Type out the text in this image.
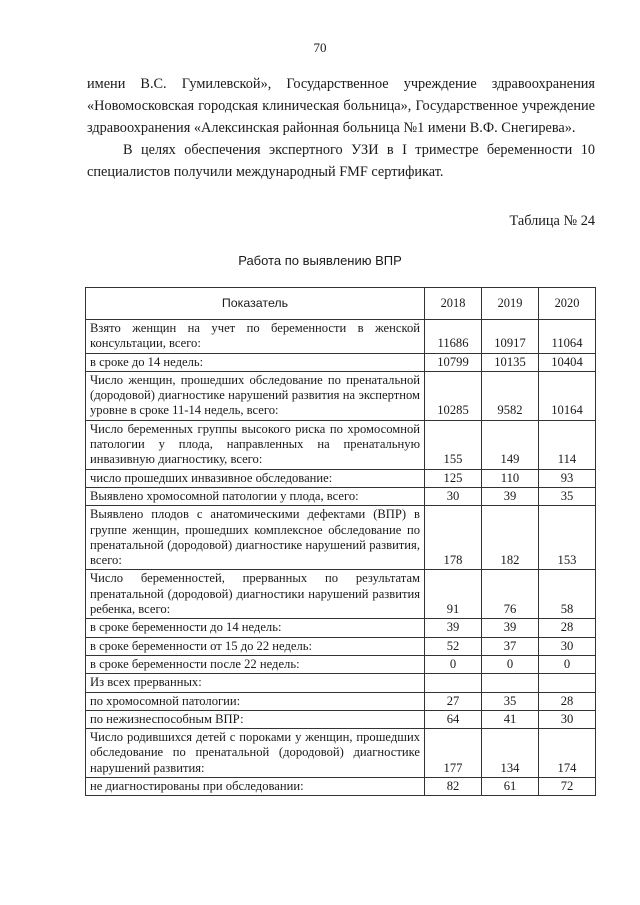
70

имени В.С. Гумилевской», Государственное учреждение здравоохранения «Новомосковская городская клиническая больница», Государственное учреждение здравоохранения «Алексинская районная больница №1 имени В.Ф. Снегирева».

В целях обеспечения экспертного УЗИ в I триместре беременности 10 специалистов получили международный FMF сертификат.

Таблица № 24
Работа по выявлению ВПР
Показатель	2018	2019	2020
Взято женщин на учет по беременности в женской консультации, всего:	11686	10917	11064
в сроке до 14 недель:	10799	10135	10404
Число женщин, прошедших обследование по пренатальной (дородовой) диагностике нарушений развития на экспертном уровне в сроке 11-14 недель, всего:	10285	9582	10164
Число беременных группы высокого риска по хромосомной патологии у плода, направленных на пренатальную инвазивную диагностику, всего:	155	149	114
число прошедших инвазивное обследование:	125	110	93
Выявлено хромосомной патологии у плода, всего:	30	39	35
Выявлено плодов с анатомическими дефектами (ВПР) в группе женщин, прошедших комплексное обследование по пренатальной (дородовой) диагностике нарушений развития, всего:	178	182	153
Число беременностей, прерванных по результатам пренатальной (дородовой) диагностики нарушений развития ребенка, всего:	91	76	58
в сроке беременности до 14 недель:	39	39	28
в сроке беременности от 15 до 22 недель:	52	37	30
в сроке беременности после 22 недель:	0	0	0
Из всех прерванных:			
по хромосомной патологии:	27	35	28
по нежизнеспособным ВПР:	64	41	30
Число родившихся детей с пороками у женщин, прошедших обследование по пренатальной (дородовой) диагностике нарушений развития:	177	134	174
не диагностированы при обследовании:	82	61	72
